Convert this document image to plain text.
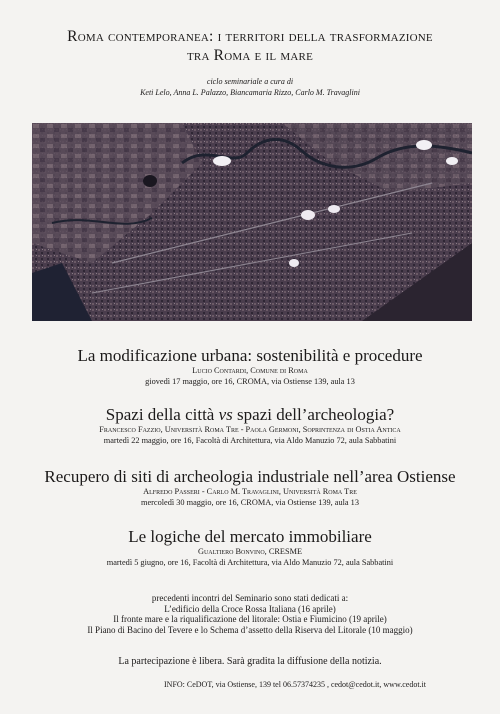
Roma contemporanea: i territori della trasformazione
tra Roma e il mare
ciclo seminariale a cura di
Keti Lelo, Anna L. Palazzo, Biancamaria Rizzo, Carlo M. Travaglini
La modificazione urbana: sostenibilità e procedure
Lucio Contardi, Comune di Roma
giovedì 17 maggio, ore 16, CROMA, via Ostiense 139, aula 13
Spazi della città vs spazi dell’archeologia?
Francesco Fazzio, Università Roma Tre - Paola Germoni, Soprintenza di Ostia Antica
martedì 22 maggio, ore 16, Facoltà di Architettura, via Aldo Manuzio 72, aula Sabbatini
Recupero di siti di archeologia industriale nell’area Ostiense
Alfredo Passeri - Carlo M. Travaglini, Università Roma Tre
mercoledì 30 maggio, ore 16, CROMA, via Ostiense 139, aula 13
Le logiche del mercato immobiliare
Gualtiero Bonvino, CRESME
martedì 5 giugno, ore 16, Facoltà di Architettura, via Aldo Manuzio 72, aula Sabbatini
precedenti incontri del Seminario sono stati dedicati a:
L’edificio della Croce Rossa Italiana (16 aprile)
Il fronte mare e la riqualificazione del litorale: Ostia e Fiumicino (19 aprile)
Il Piano di Bacino del Tevere e lo Schema d’assetto della Riserva del Litorale (10 maggio)
La partecipazione è libera. Sarà gradita la diffusione della notizia.
INFO: CeDOT, via Ostiense, 139 tel 06.57374235 , cedot@cedot.it, www.cedot.it
